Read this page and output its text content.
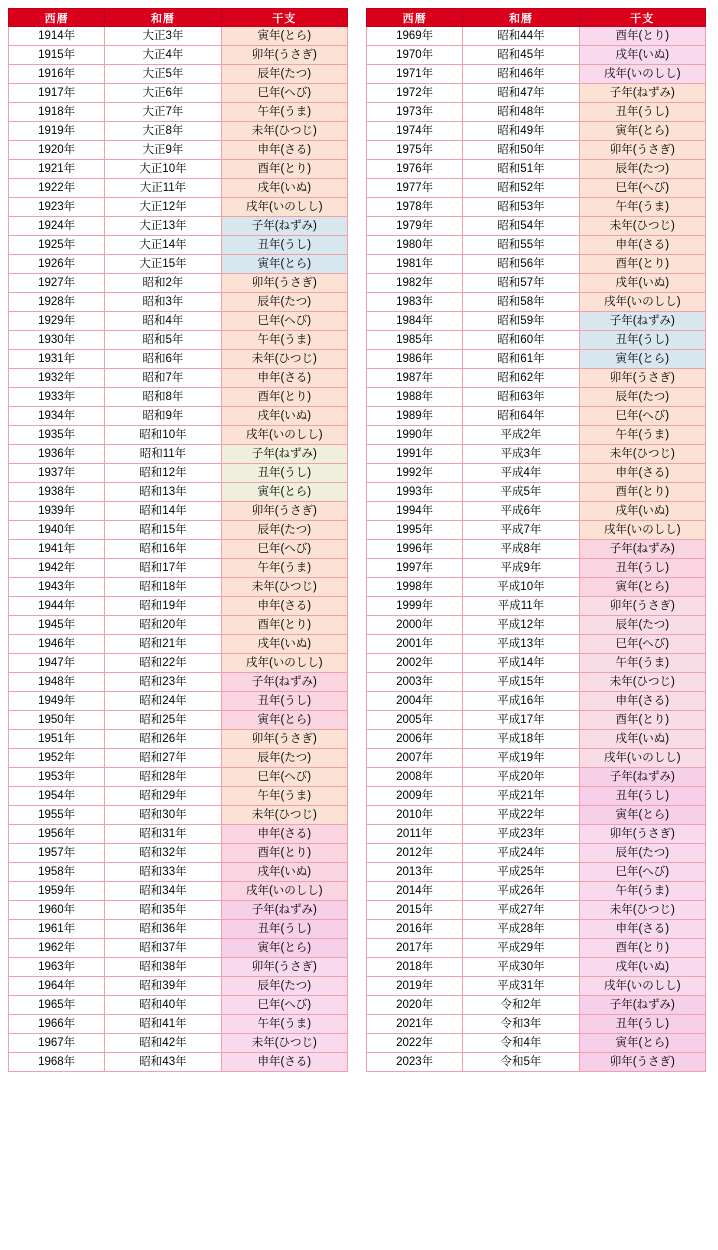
西暦	和暦	干支
1914年	大正3年	寅年(とら)
1915年	大正4年	卯年(うさぎ)
1916年	大正5年	辰年(たつ)
1917年	大正6年	巳年(へび)
1918年	大正7年	午年(うま)
1919年	大正8年	未年(ひつじ)
1920年	大正9年	申年(さる)
1921年	大正10年	酉年(とり)
1922年	大正11年	戌年(いぬ)
1923年	大正12年	戌年(いのしし)
1924年	大正13年	子年(ねずみ)
1925年	大正14年	丑年(うし)
1926年	大正15年	寅年(とら)
1927年	昭和2年	卯年(うさぎ)
1928年	昭和3年	辰年(たつ)
1929年	昭和4年	巳年(へび)
1930年	昭和5年	午年(うま)
1931年	昭和6年	未年(ひつじ)
1932年	昭和7年	申年(さる)
1933年	昭和8年	酉年(とり)
1934年	昭和9年	戌年(いぬ)
1935年	昭和10年	戌年(いのしし)
1936年	昭和11年	子年(ねずみ)
1937年	昭和12年	丑年(うし)
1938年	昭和13年	寅年(とら)
1939年	昭和14年	卯年(うさぎ)
1940年	昭和15年	辰年(たつ)
1941年	昭和16年	巳年(へび)
1942年	昭和17年	午年(うま)
1943年	昭和18年	未年(ひつじ)
1944年	昭和19年	申年(さる)
1945年	昭和20年	酉年(とり)
1946年	昭和21年	戌年(いぬ)
1947年	昭和22年	戌年(いのしし)
1948年	昭和23年	子年(ねずみ)
1949年	昭和24年	丑年(うし)
1950年	昭和25年	寅年(とら)
1951年	昭和26年	卯年(うさぎ)
1952年	昭和27年	辰年(たつ)
1953年	昭和28年	巳年(へび)
1954年	昭和29年	午年(うま)
1955年	昭和30年	未年(ひつじ)
1956年	昭和31年	申年(さる)
1957年	昭和32年	酉年(とり)
1958年	昭和33年	戌年(いぬ)
1959年	昭和34年	戌年(いのしし)
1960年	昭和35年	子年(ねずみ)
1961年	昭和36年	丑年(うし)
1962年	昭和37年	寅年(とら)
1963年	昭和38年	卯年(うさぎ)
1964年	昭和39年	辰年(たつ)
1965年	昭和40年	巳年(へび)
1966年	昭和41年	午年(うま)
1967年	昭和42年	未年(ひつじ)
1968年	昭和43年	申年(さる)
西暦	和暦	干支
1969年	昭和44年	酉年(とり)
1970年	昭和45年	戌年(いぬ)
1971年	昭和46年	戌年(いのしし)
1972年	昭和47年	子年(ねずみ)
1973年	昭和48年	丑年(うし)
1974年	昭和49年	寅年(とら)
1975年	昭和50年	卯年(うさぎ)
1976年	昭和51年	辰年(たつ)
1977年	昭和52年	巳年(へび)
1978年	昭和53年	午年(うま)
1979年	昭和54年	未年(ひつじ)
1980年	昭和55年	申年(さる)
1981年	昭和56年	酉年(とり)
1982年	昭和57年	戌年(いぬ)
1983年	昭和58年	戌年(いのしし)
1984年	昭和59年	子年(ねずみ)
1985年	昭和60年	丑年(うし)
1986年	昭和61年	寅年(とら)
1987年	昭和62年	卯年(うさぎ)
1988年	昭和63年	辰年(たつ)
1989年	昭和64年	巳年(へび)
1990年	平成2年	午年(うま)
1991年	平成3年	未年(ひつじ)
1992年	平成4年	申年(さる)
1993年	平成5年	酉年(とり)
1994年	平成6年	戌年(いぬ)
1995年	平成7年	戌年(いのしし)
1996年	平成8年	子年(ねずみ)
1997年	平成9年	丑年(うし)
1998年	平成10年	寅年(とら)
1999年	平成11年	卯年(うさぎ)
2000年	平成12年	辰年(たつ)
2001年	平成13年	巳年(へび)
2002年	平成14年	午年(うま)
2003年	平成15年	未年(ひつじ)
2004年	平成16年	申年(さる)
2005年	平成17年	酉年(とり)
2006年	平成18年	戌年(いぬ)
2007年	平成19年	戌年(いのしし)
2008年	平成20年	子年(ねずみ)
2009年	平成21年	丑年(うし)
2010年	平成22年	寅年(とら)
2011年	平成23年	卯年(うさぎ)
2012年	平成24年	辰年(たつ)
2013年	平成25年	巳年(へび)
2014年	平成26年	午年(うま)
2015年	平成27年	未年(ひつじ)
2016年	平成28年	申年(さる)
2017年	平成29年	酉年(とり)
2018年	平成30年	戌年(いぬ)
2019年	平成31年	戌年(いのしし)
2020年	令和2年	子年(ねずみ)
2021年	令和3年	丑年(うし)
2022年	令和4年	寅年(とら)
2023年	令和5年	卯年(うさぎ)
